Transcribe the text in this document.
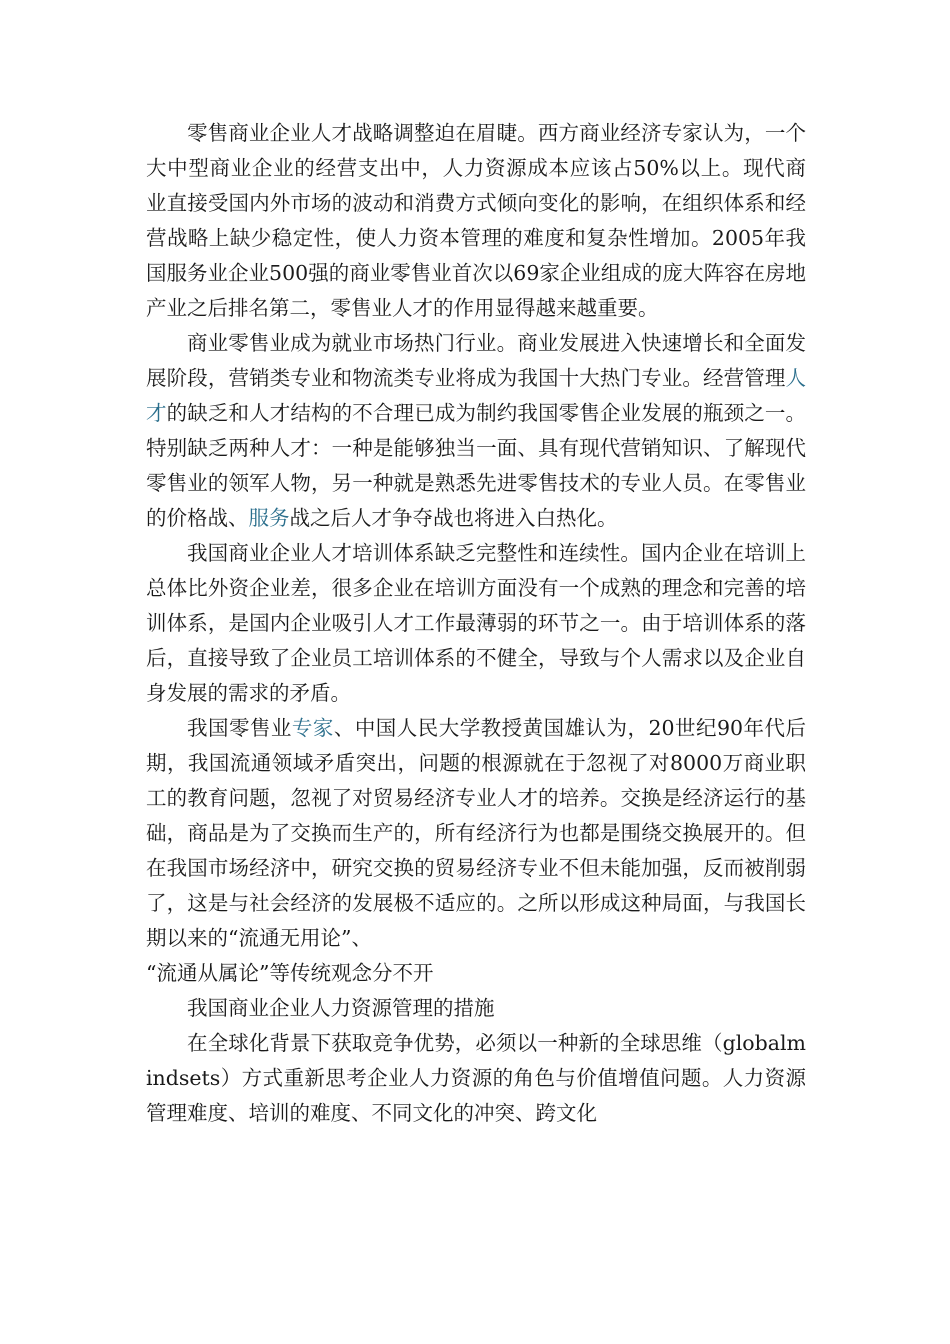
零售商业企业人才战略调整迫在眉睫。西方商业经济专家认为，一个大中型商业企业的经营支出中，人力资源成本应该占50%以上。现代商业直接受国内外市场的波动和消费方式倾向变化的影响，在组织体系和经营战略上缺少稳定性，使人力资本管理的难度和复杂性增加。2005年我国服务业企业500强的商业零售业首次以69家企业组成的庞大阵容在房地产业之后排名第二，零售业人才的作用显得越来越重要。

商业零售业成为就业市场热门行业。商业发展进入快速增长和全面发展阶段，营销类专业和物流类专业将成为我国十大热门专业。经营管理人才的缺乏和人才结构的不合理已成为制约我国零售企业发展的瓶颈之一。特别缺乏两种人才：一种是能够独当一面、具有现代营销知识、了解现代零售业的领军人物，另一种就是熟悉先进零售技术的专业人员。在零售业的价格战、服务战之后人才争夺战也将进入白热化。

我国商业企业人才培训体系缺乏完整性和连续性。国内企业在培训上总体比外资企业差，很多企业在培训方面没有一个成熟的理念和完善的培训体系，是国内企业吸引人才工作最薄弱的环节之一。由于培训体系的落后，直接导致了企业员工培训体系的不健全，导致与个人需求以及企业自身发展的需求的矛盾。

我国零售业专家、中国人民大学教授黄国雄认为，20世纪90年代后期，我国流通领域矛盾突出，问题的根源就在于忽视了对8000万商业职工的教育问题，忽视了对贸易经济专业人才的培养。交换是经济运行的基础，商品是为了交换而生产的，所有经济行为也都是围绕交换展开的。但在我国市场经济中，研究交换的贸易经济专业不但未能加强，反而被削弱了，这是与社会经济的发展极不适应的。之所以形成这种局面，与我国长期以来的“流通无用论”、

“流通从属论”等传统观念分不开

我国商业企业人力资源管理的措施

在全球化背景下获取竞争优势，必须以一种新的全球思维（globalmindsets）方式重新思考企业人力资源的角色与价值增值问题。人力资源管理难度、培训的难度、不同文化的冲突、跨文化
